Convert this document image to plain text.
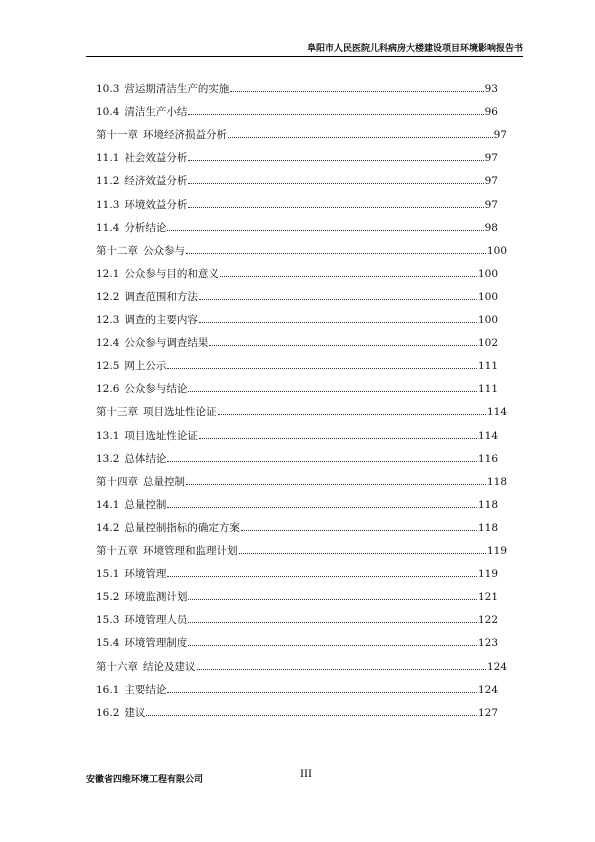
阜阳市人民医院儿科病房大楼建设项目环境影响报告书
10.3 营运期清洁生产的实施	93
10.4 清洁生产小结	96
第十一章 环境经济损益分析	97
11.1 社会效益分析	97
11.2 经济效益分析	97
11.3 环境效益分析	97
11.4 分析结论	98
第十二章 公众参与	100
12.1 公众参与目的和意义	100
12.2 调查范围和方法	100
12.3 调查的主要内容	100
12.4 公众参与调查结果	102
12.5 网上公示	111
12.6 公众参与结论	111
第十三章 项目选址性论证	114
13.1 项目选址性论证	114
13.2 总体结论	116
第十四章 总量控制	118
14.1 总量控制	118
14.2 总量控制指标的确定方案	118
第十五章 环境管理和监理计划	119
15.1 环境管理	119
15.2 环境监测计划	121
15.3 环境管理人员	122
15.4 环境管理制度	123
第十六章 结论及建议	124
16.1 主要结论	124
16.2 建议	127
安徽省四维环境工程有限公司	III
